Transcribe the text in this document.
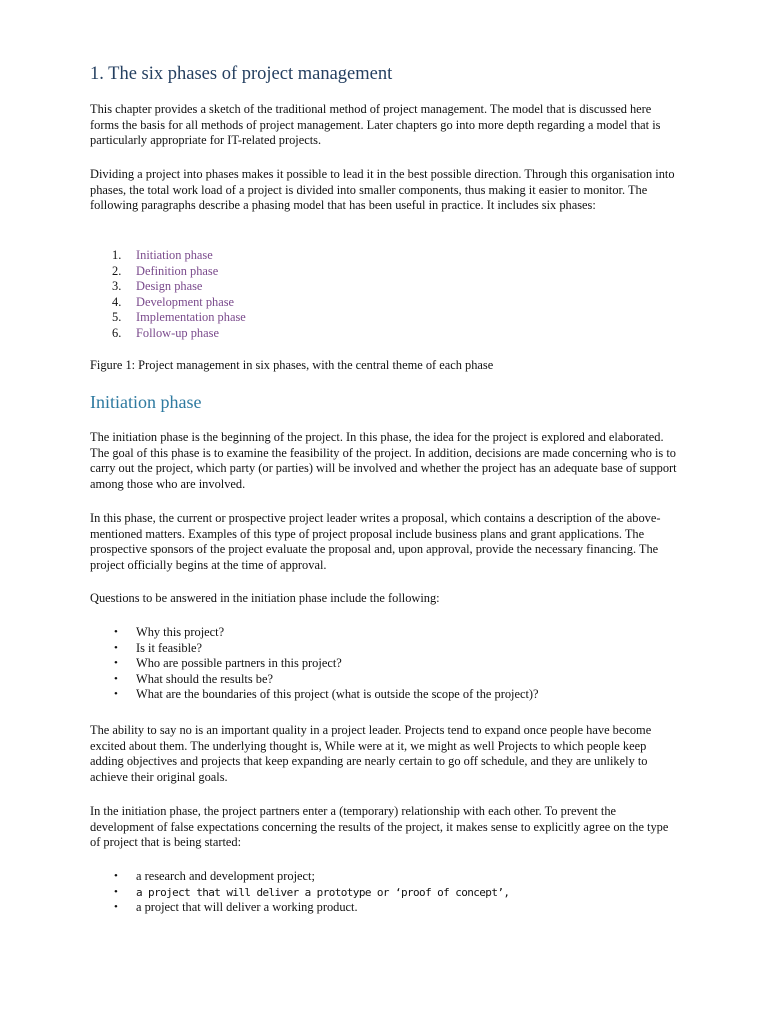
1. The six phases of project management

This chapter provides a sketch of the traditional method of project management. The model that is discussed here forms the basis for all methods of project management. Later chapters go into more depth regarding a model that is particularly appropriate for IT-related projects.

Dividing a project into phases makes it possible to lead it in the best possible direction. Through this organisation into phases, the total work load of a project is divided into smaller components, thus making it easier to monitor. The following paragraphs describe a phasing model that has been useful in practice. It includes six phases:

1. Initiation phase
2. Definition phase
3. Design phase
4. Development phase
5. Implementation phase
6. Follow-up phase

Figure 1: Project management in six phases, with the central theme of each phase

Initiation phase

The initiation phase is the beginning of the project. In this phase, the idea for the project is explored and elaborated. The goal of this phase is to examine the feasibility of the project. In addition, decisions are made concerning who is to carry out the project, which party (or parties) will be involved and whether the project has an adequate base of support among those who are involved.

In this phase, the current or prospective project leader writes a proposal, which contains a description of the above-mentioned matters. Examples of this type of project proposal include business plans and grant applications. The prospective sponsors of the project evaluate the proposal and, upon approval, provide the necessary financing. The project officially begins at the time of approval.

Questions to be answered in the initiation phase include the following:

• Why this project?
• Is it feasible?
• Who are possible partners in this project?
• What should the results be?
• What are the boundaries of this project (what is outside the scope of the project)?

The ability to say no is an important quality in a project leader. Projects tend to expand once people have become excited about them. The underlying thought is, While were at it, we might as well Projects to which people keep adding objectives and projects that keep expanding are nearly certain to go off schedule, and they are unlikely to achieve their original goals.

In the initiation phase, the project partners enter a (temporary) relationship with each other. To prevent the development of false expectations concerning the results of the project, it makes sense to explicitly agree on the type of project that is being started:

• a research and development project;
• a project that will deliver a prototype or ‘proof of concept’,
• a project that will deliver a working product.
